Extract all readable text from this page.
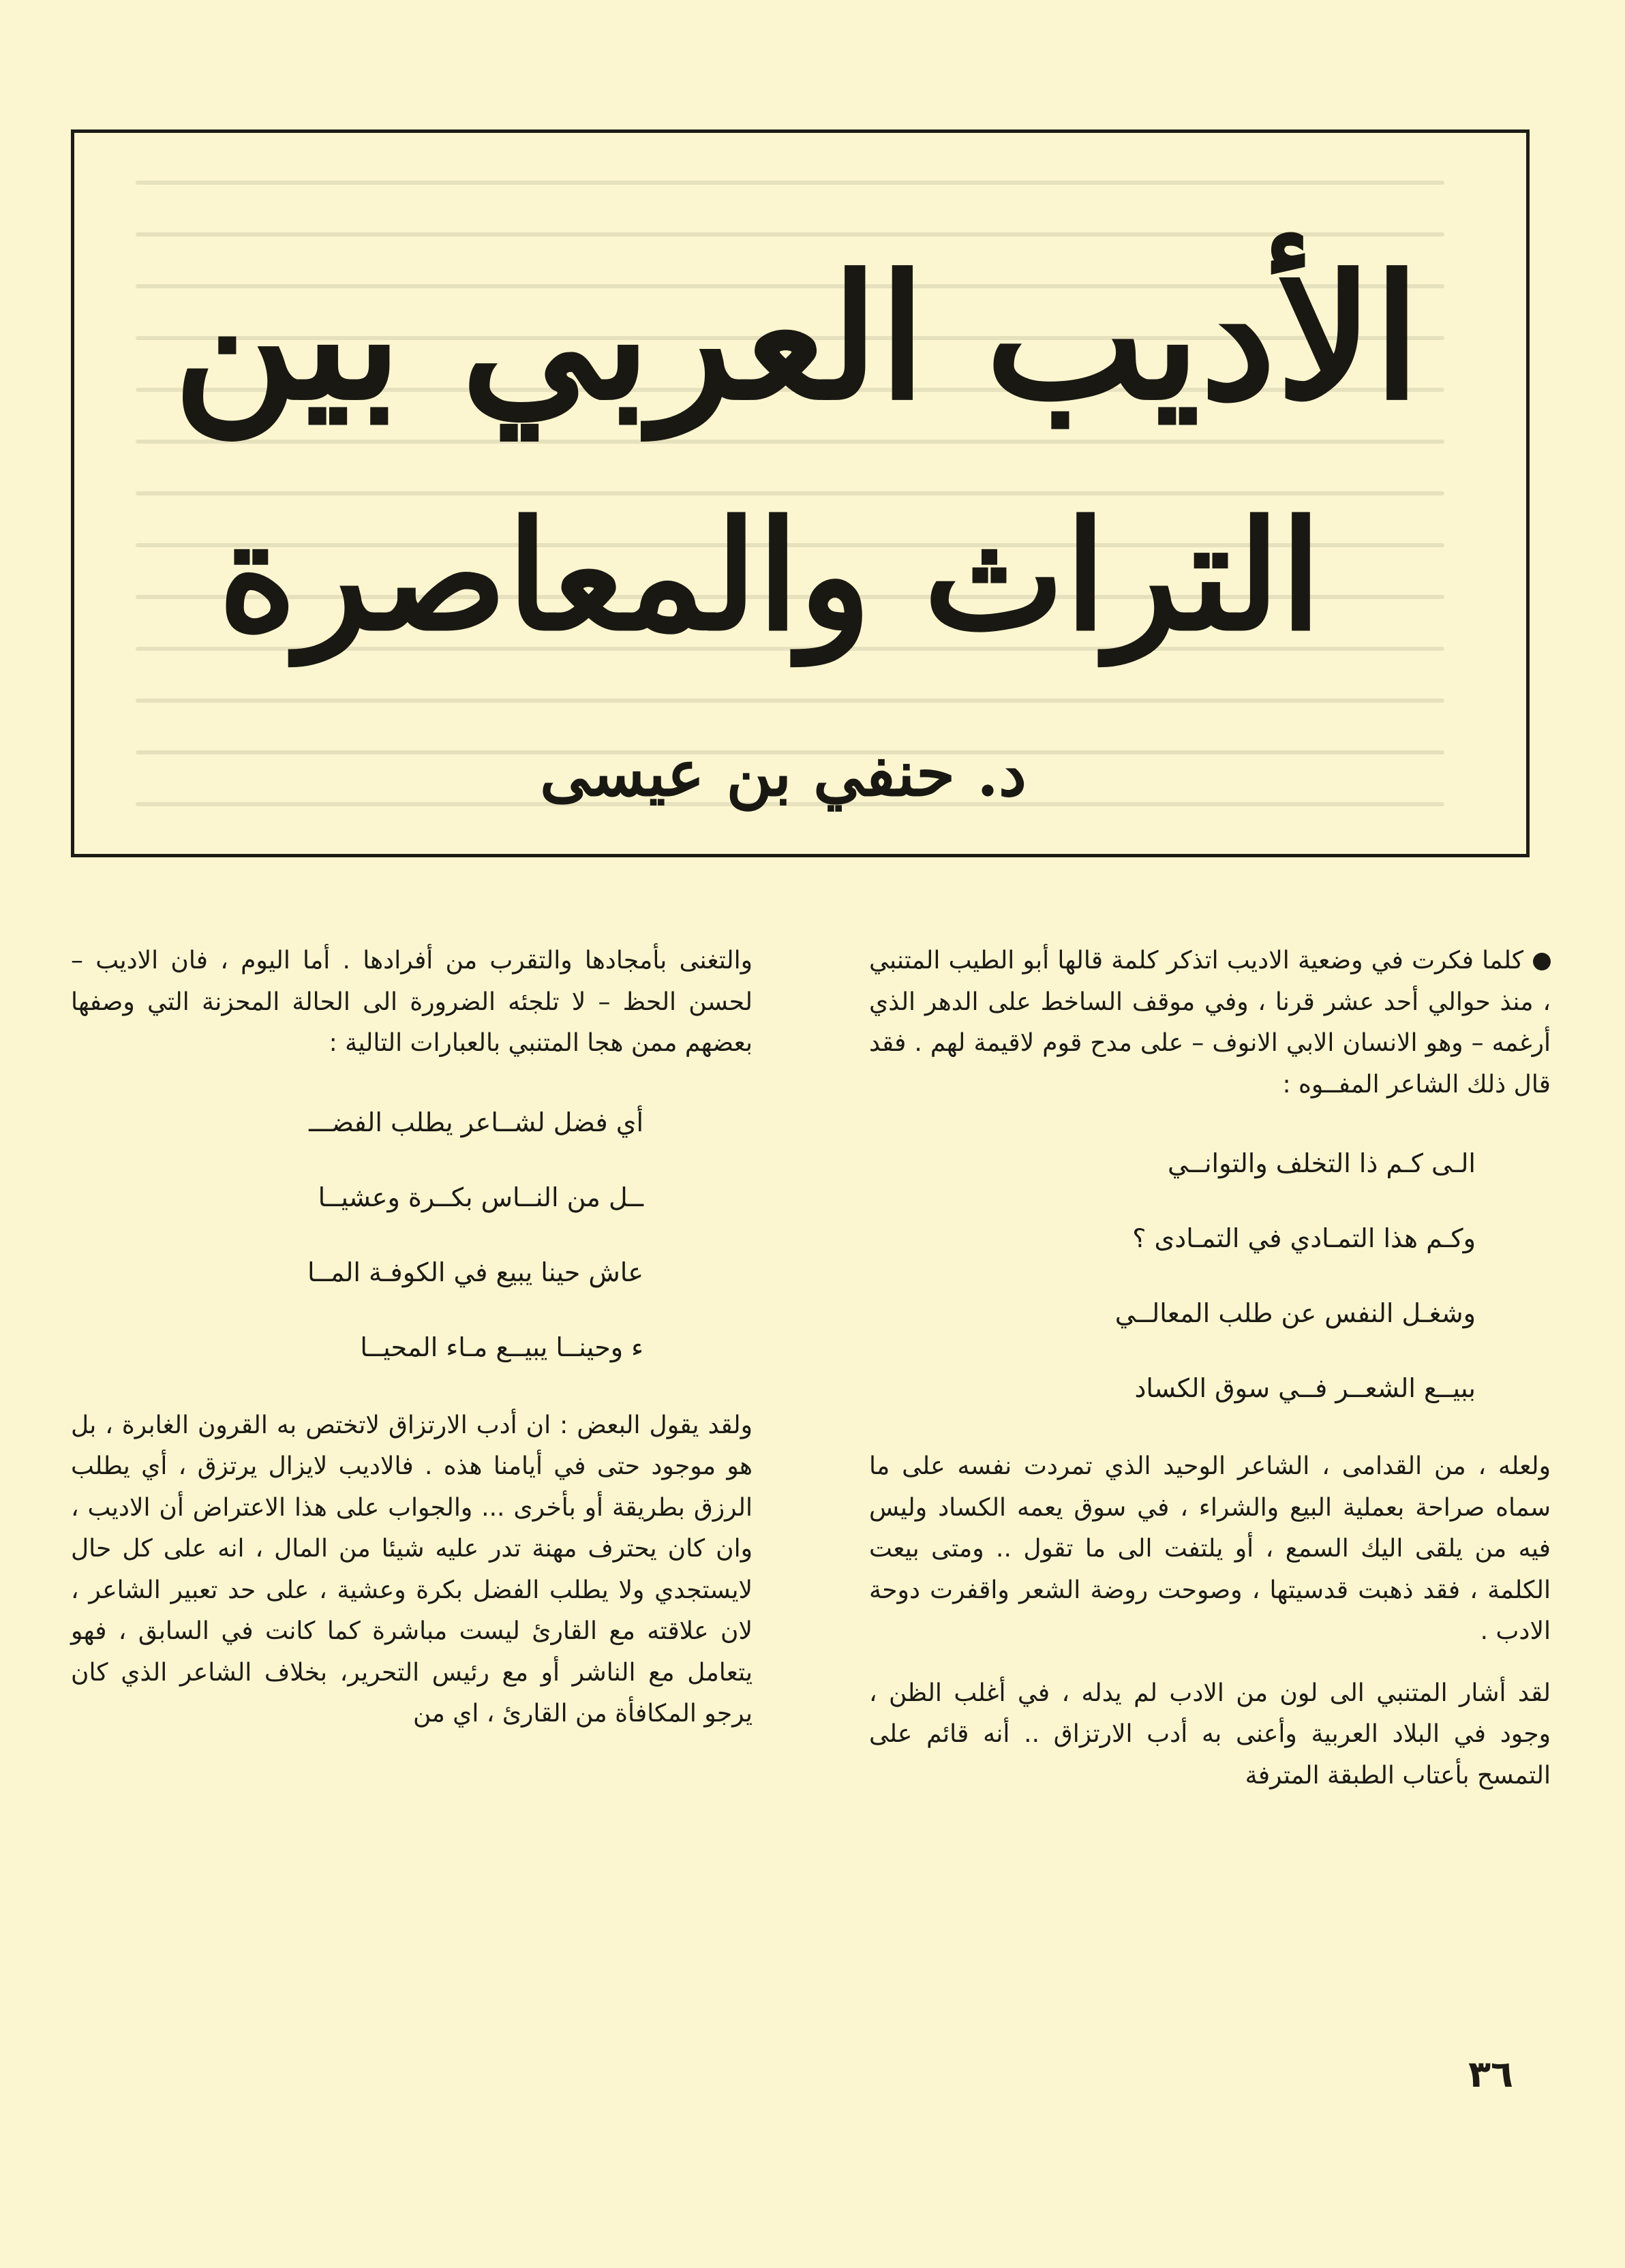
الأديب العربي بين
التراث والمعاصرة
د. حنفي بن عيسى

كلما فكرت في وضعية الاديب اتذكر كلمة قالها أبو الطيب المتنبي ، منذ حوالي أحد عشر قرنا ، وفي موقف الساخط على الدهر الذي أرغمه – وهو الانسان الابي الانوف – على مدح قوم لاقيمة لهم . فقد قال ذلك الشاعر المفــوه :

الـى كـم ذا التخلف والتوانــي

وكـم هذا التمـادي في التمـادى ؟

وشغـل النفس عن طلب المعالــي

ببيــع الشعــر فــي سوق الكساد

ولعله ، من القدامى ، الشاعر الوحيد الذي تمردت نفسه على ما سماه صراحة بعملية البيع والشراء ، في سوق يعمه الكساد وليس فيه من يلقى اليك السمع ، أو يلتفت الى ما تقول .. ومتى بيعت الكلمة ، فقد ذهبت قدسيتها ، وصوحت روضة الشعر واقفرت دوحة الادب .

لقد أشار المتنبي الى لون من الادب لم يدله ، في أغلب الظن ، وجود في البلاد العربية وأعنى به أدب الارتزاق .. أنه قائم على التمسح بأعتاب الطبقة المترفة

والتغنى بأمجادها والتقرب من أفرادها . أما اليوم ، فان الاديب – لحسن الحظ – لا تلجئه الضرورة الى الحالة المحزنة التي وصفها بعضهم ممن هجا المتنبي بالعبارات التالية :

أي فضل لشــاعر يطلب الفضـــ

ــل من النــاس بكــرة وعشيــا

عاش حينا يبيع في الكوفـة المــا

ء وحينــا يبيــع مـاء المحيــا

ولقد يقول البعض : ان أدب الارتزاق لاتختص به القرون الغابرة ، بل هو موجود حتى في أيامنا هذه . فالاديب لايزال يرتزق ، أي يطلب الرزق بطريقة أو بأخرى ... والجواب على هذا الاعتراض أن الاديب ، وان كان يحترف مهنة تدر عليه شيئا من المال ، انه على كل حال لايستجدي ولا يطلب الفضل بكرة وعشية ، على حد تعبير الشاعر ، لان علاقته مع القارئ ليست مباشرة كما كانت في السابق ، فهو يتعامل مع الناشر أو مع رئيس التحرير، بخلاف الشاعر الذي كان يرجو المكافأة من القارئ ، اي من

٣٦
